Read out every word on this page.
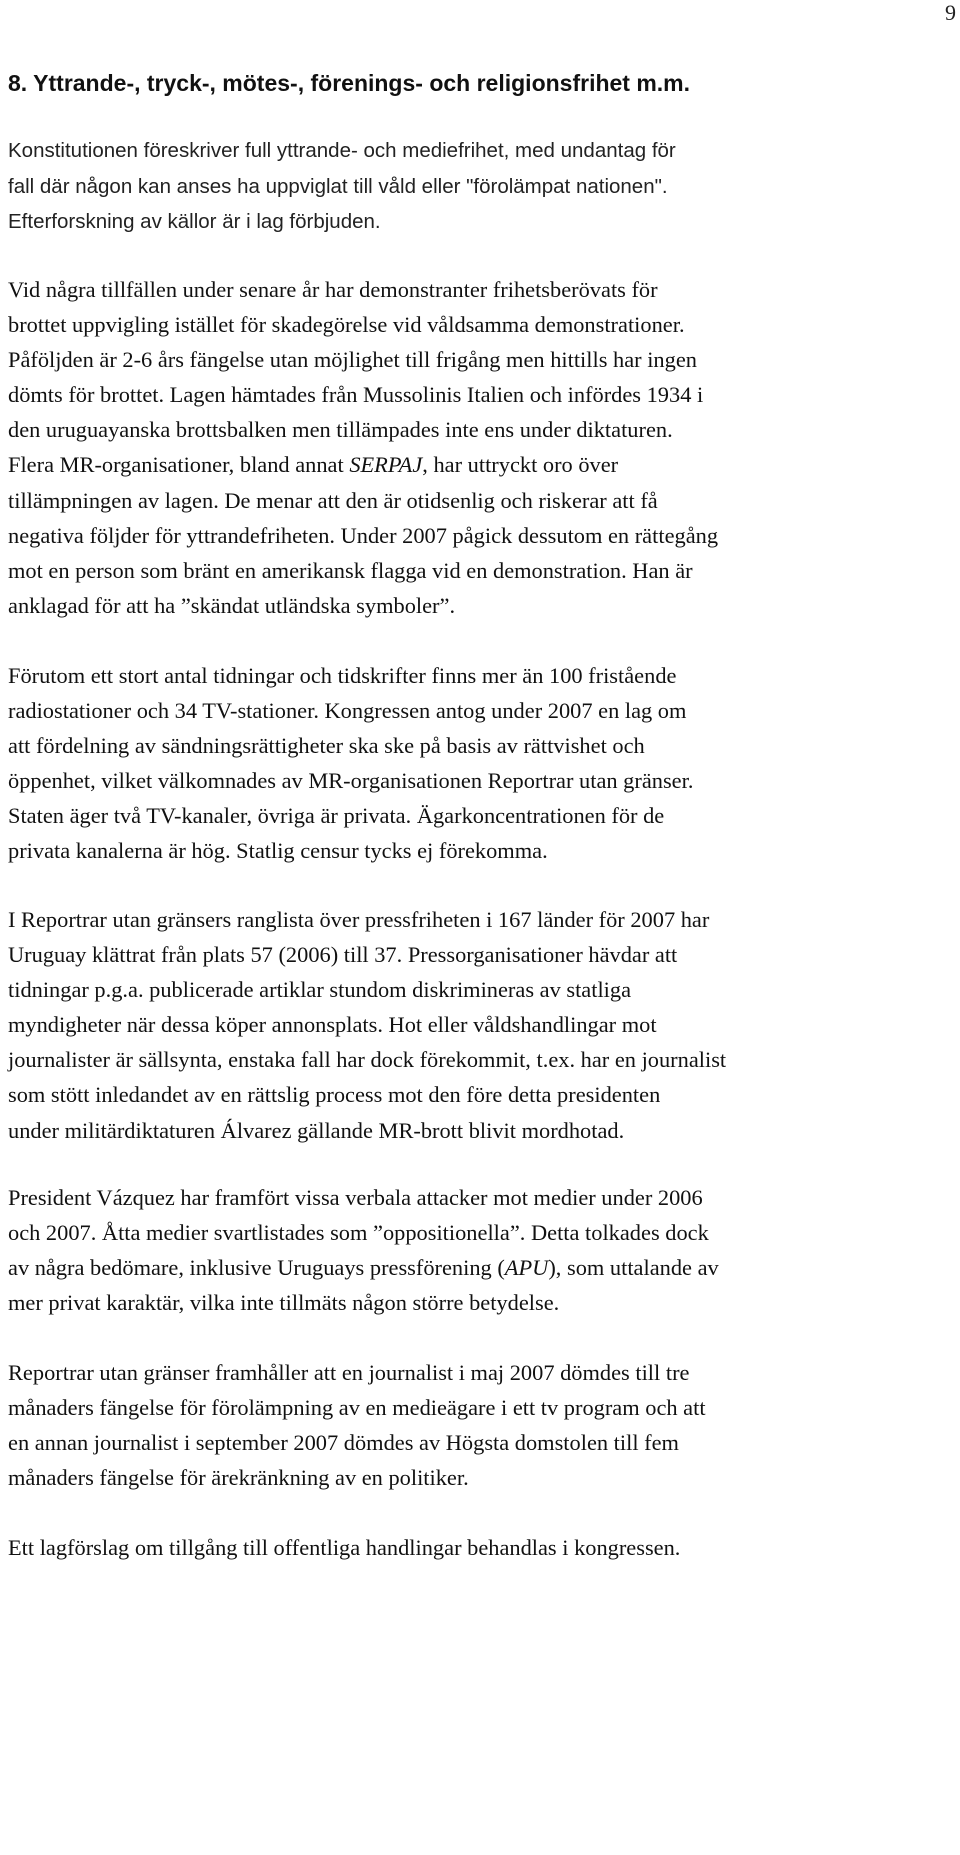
9
8. Yttrande-, tryck-, mötes-, förenings- och religionsfrihet m.m.

Konstitutionen föreskriver full yttrande- och mediefrihet, med undantag för
fall där någon kan anses ha uppviglat till våld eller "förolämpat nationen".
Efterforskning av källor är i lag förbjuden.

Vid några tillfällen under senare år har demonstranter frihetsberövats för
brottet uppvigling istället för skadegörelse vid våldsamma demonstrationer.
Påföljden är 2-6 års fängelse utan möjlighet till frigång men hittills har ingen
dömts för brottet. Lagen hämtades från Mussolinis Italien och infördes 1934 i
den uruguayanska brottsbalken men tillämpades inte ens under diktaturen.
Flera MR-organisationer, bland annat SERPAJ, har uttryckt oro över
tillämpningen av lagen. De menar att den är otidsenlig och riskerar att få
negativa följder för yttrandefriheten. Under 2007 pågick dessutom en rättegång
mot en person som bränt en amerikansk flagga vid en demonstration. Han är
anklagad för att ha ”skändat utländska symboler”.

Förutom ett stort antal tidningar och tidskrifter finns mer än 100 fristående
radiostationer och 34 TV-stationer. Kongressen antog under 2007 en lag om
att fördelning av sändningsrättigheter ska ske på basis av rättvishet och
öppenhet, vilket välkomnades av MR-organisationen Reportrar utan gränser.
Staten äger två TV-kanaler, övriga är privata. Ägarkoncentrationen för de
privata kanalerna är hög. Statlig censur tycks ej förekomma.

I Reportrar utan gränsers ranglista över pressfriheten i 167 länder för 2007 har
Uruguay klättrat från plats 57 (2006) till 37. Pressorganisationer hävdar att
tidningar p.g.a. publicerade artiklar stundom diskrimineras av statliga
myndigheter när dessa köper annonsplats. Hot eller våldshandlingar mot
journalister är sällsynta, enstaka fall har dock förekommit, t.ex. har en journalist
som stött inledandet av en rättslig process mot den före detta presidenten
under militärdiktaturen Álvarez gällande MR-brott blivit mordhotad.

President Vázquez har framfört vissa verbala attacker mot medier under 2006
och 2007. Åtta medier svartlistades som ”oppositionella”. Detta tolkades dock
av några bedömare, inklusive Uruguays pressförening (APU), som uttalande av
mer privat karaktär, vilka inte tillmäts någon större betydelse.

Reportrar utan gränser framhåller att en journalist i maj 2007 dömdes till tre
månaders fängelse för förolämpning av en medieägare i ett tv program och att
en annan journalist i september 2007 dömdes av Högsta domstolen till fem
månaders fängelse för ärekränkning av en politiker.

Ett lagförslag om tillgång till offentliga handlingar behandlas i kongressen.
